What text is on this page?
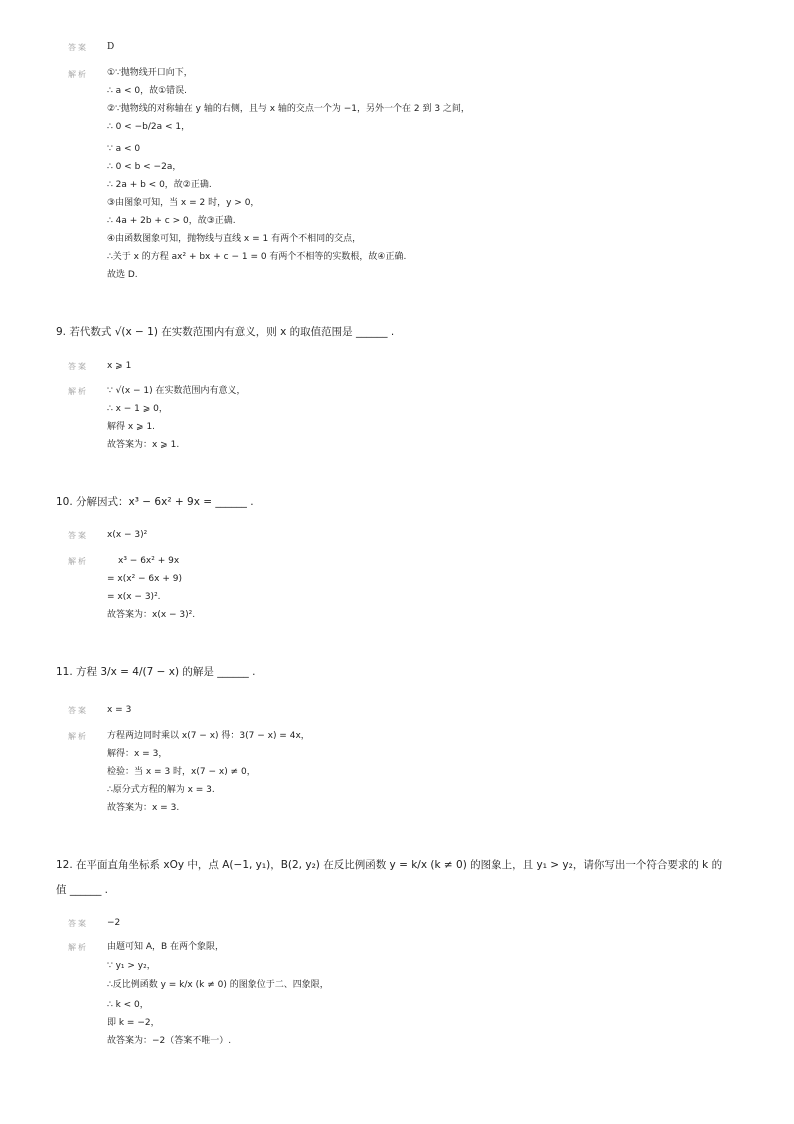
答案 D
解析 ①∵抛物线开口向下，
∴ a < 0，故①错误.
②∵抛物线的对称轴在 y 轴的右侧，且与 x 轴的交点一个为 −1，另外一个在 2 到 3 之间，
∴ 0 < −b/2a < 1，
∵ a < 0
∴ 0 < b < −2a，
∴ 2a + b < 0，故②正确.
③由图象可知，当 x = 2 时，y > 0，
∴ 4a + 2b + c > 0，故③正确.
④由函数图象可知，抛物线与直线 x = 1 有两个不相同的交点，
∴关于 x 的方程 ax² + bx + c − 1 = 0 有两个不相等的实数根，故④正确.
故选 D.
9. 若代数式 √(x − 1) 在实数范围内有意义，则 x 的取值范围是 ______ .
答案 x ⩾ 1
解析 ∵ √(x − 1) 在实数范围内有意义，
∴ x − 1 ⩾ 0，
解得 x ⩾ 1.
故答案为：x ⩾ 1.
10. 分解因式：x³ − 6x² + 9x = ______ .
答案 x(x − 3)²
解析	x³ − 6x² + 9x
= x(x² − 6x + 9)
= x(x − 3)².
故答案为：x(x − 3)².
11. 方程 3/x = 4/(7 − x) 的解是 ______ .
答案 x = 3
解析 方程两边同时乘以 x(7 − x) 得：3(7 − x) = 4x，
解得：x = 3，
检验：当 x = 3 时，x(7 − x) ≠ 0，
∴原分式方程的解为 x = 3.
故答案为：x = 3.
12. 在平面直角坐标系 xOy 中，点 A(−1, y₁)，B(2, y₂) 在反比例函数 y = k/x (k ≠ 0) 的图象上，且 y₁ > y₂，请你写出一个符合要求的 k 的
值 ______ .
答案 −2
解析 由题可知 A，B 在两个象限，
∵ y₁ > y₂，
∴反比例函数 y = k/x (k ≠ 0) 的图象位于二、四象限，
∴ k < 0，
即 k = −2，
故答案为：−2（答案不唯一）.
